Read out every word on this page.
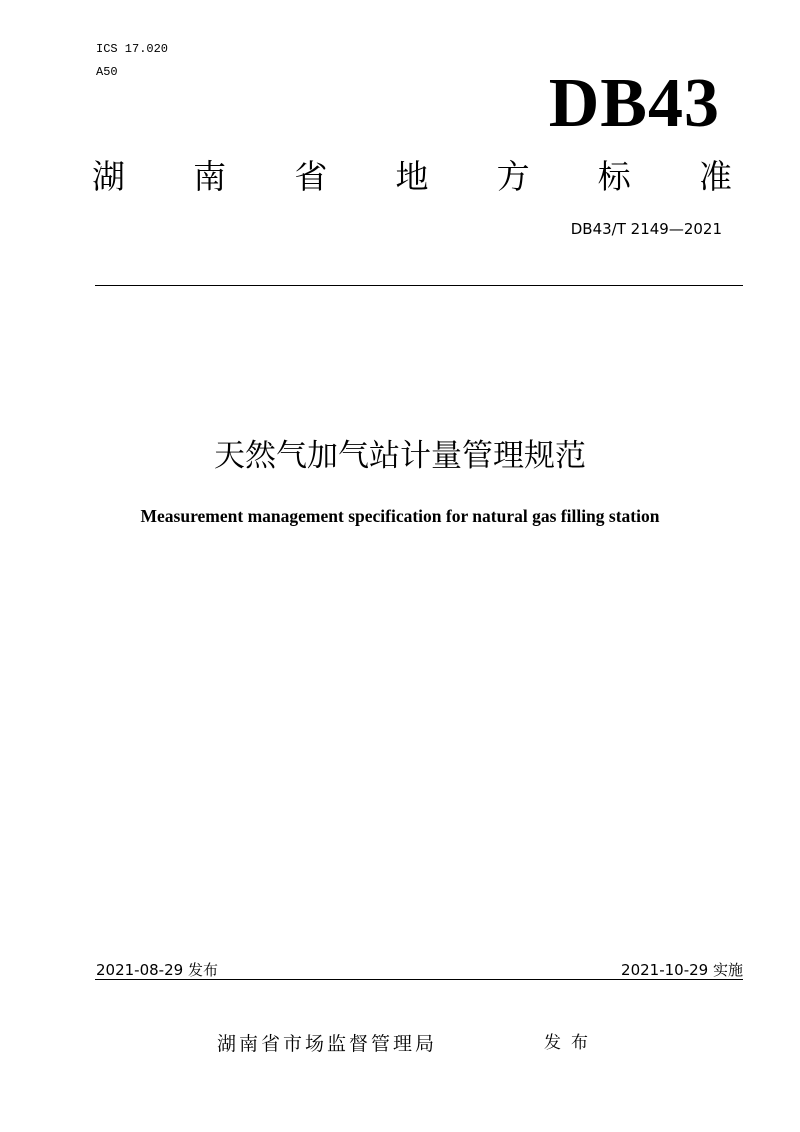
ICS 17.020
A50	DB43
湖 南 省 地 方 标 准
DB43/T 2149—2021
天然气加气站计量管理规范
Measurement management specification for natural gas filling station
2021-08-29 发布	2021-10-29 实施
湖南省市场监督管理局	发布
